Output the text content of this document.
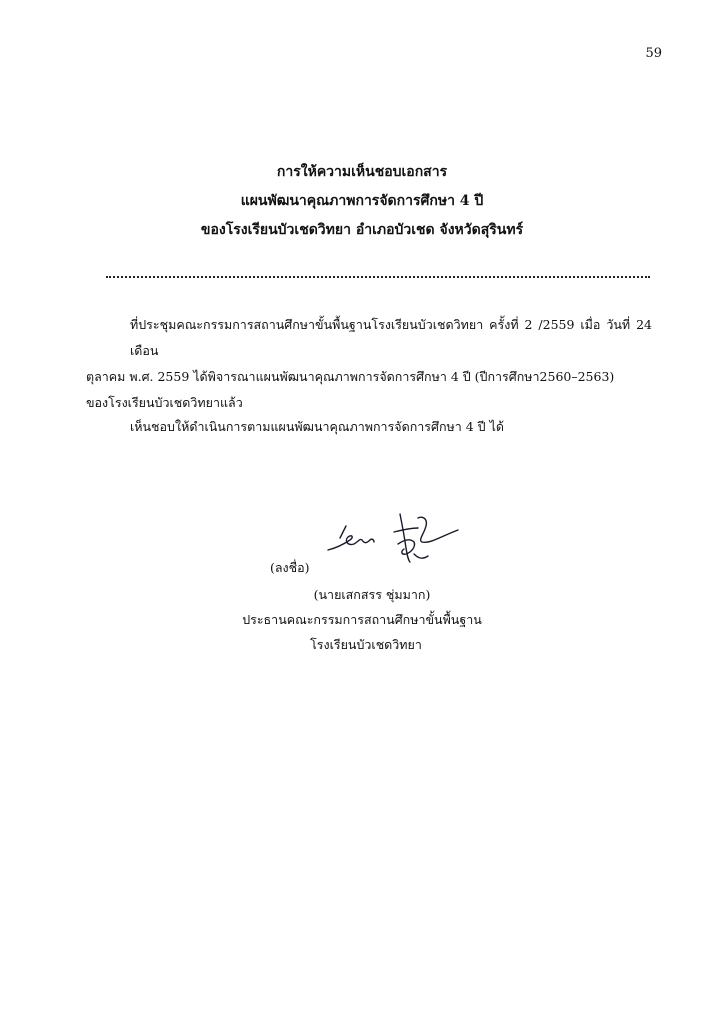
59
การให้ความเห็นชอบเอกสาร
แผนพัฒนาคุณภาพการจัดการศึกษา 4 ปี
ของโรงเรียนบัวเชดวิทยา อำเภอบัวเชด จังหวัดสุรินทร์
ที่ประชุมคณะกรรมการสถานศึกษาขั้นพื้นฐานโรงเรียนบัวเชดวิทยา ครั้งที่ 2 /2559 เมื่อ วันที่ 24 เดือน
ตุลาคม พ.ศ. 2559 ได้พิจารณาแผนพัฒนาคุณภาพการจัดการศึกษา 4 ปี (ปีการศึกษา2560–2563)
ของโรงเรียนบัวเชดวิทยาแล้ว
เห็นชอบให้ดำเนินการตามแผนพัฒนาคุณภาพการจัดการศึกษา 4 ปี ได้
(ลงชื่อ)
(นายเสกสรร ชุ่มมาก)
ประธานคณะกรรมการสถานศึกษาขั้นพื้นฐาน
โรงเรียนบัวเชดวิทยา
